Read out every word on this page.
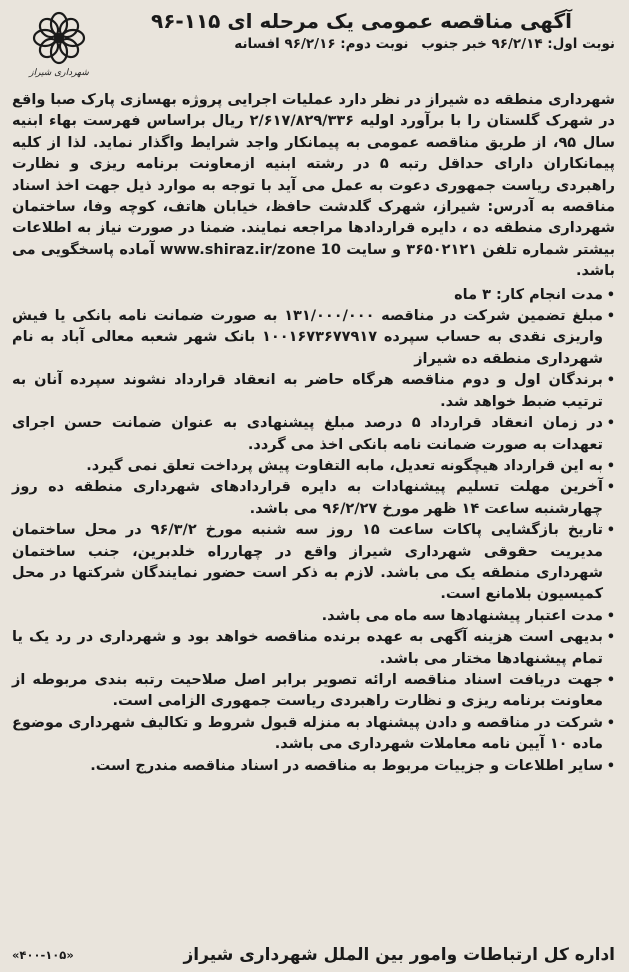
شهرداری شیراز
آگهی مناقصه عمومی یک مرحله ای ۱۱۵-۹۶
نوبت اول: ۹۶/۲/۱۴ خبر جنوب نوبت دوم: ۹۶/۲/۱۶ افسانه

شهرداری منطقه ده شیراز در نظر دارد عملیات اجرایی پروژه بهسازی پارک صبا واقع در شهرک گلستان را با برآورد اولیه ۲/۶۱۷/۸۲۹/۳۳۶ ریال براساس فهرست بهاء ابنیه سال ۹۵، از طریق مناقصه عمومی به پیمانکار واجد شرایط واگذار نماید. لذا از کلیه پیمانکاران دارای حداقل رتبه ۵ در رشته ابنیه ازمعاونت برنامه ریزی و نظارت راهبردی ریاست جمهوری دعوت به عمل می آید با توجه به موارد ذیل جهت اخذ اسناد مناقصه به آدرس: شیراز، شهرک گلدشت حافظ، خیابان هاتف، کوچه وفا، ساختمان شهرداری منطقه ده ، دایره قراردادها مراجعه نمایند. ضمنا در صورت نیاز به اطلاعات بیشتر شماره تلفن ۳۶۵۰۲۱۲۱ و سایت www.shiraz.ir/zone 10 آماده پاسخگویی می باشد.

• مدت انجام کار: ۳ ماه
• مبلغ تضمین شرکت در مناقصه ۱۳۱/۰۰۰/۰۰۰ به صورت ضمانت نامه بانکی یا فیش واریزی نقدی به حساب سپرده ۱۰۰۱۶۷۳۶۷۷۹۱۷ بانک شهر شعبه معالی آباد به نام شهرداری منطقه ده شیراز
• برندگان اول و دوم مناقصه هرگاه حاضر به انعقاد قرارداد نشوند سپرده آنان به ترتیب ضبط خواهد شد.
• در زمان انعقاد قرارداد ۵ درصد مبلغ پیشنهادی به عنوان ضمانت حسن اجرای تعهدات به صورت ضمانت نامه بانکی اخذ می گردد.
• به این قرارداد هیچگونه تعدیل، مابه التفاوت پیش پرداخت تعلق نمی گیرد.
• آخرین مهلت تسلیم پیشنهادات به دایره قراردادهای شهرداری منطقه ده روز چهارشنبه ساعت ۱۴ ظهر مورخ ۹۶/۲/۲۷ می باشد.
• تاریخ بازگشایی پاکات ساعت ۱۵ روز سه شنبه مورخ ۹۶/۳/۲ در محل ساختمان مدیریت حقوقی شهرداری شیراز واقع در چهارراه خلدبرین، جنب ساختمان شهرداری منطقه یک می باشد. لازم به ذکر است حضور نمایندگان شرکتها در محل کمیسیون بلامانع است.
• مدت اعتبار پیشنهادها سه ماه می باشد.
• بدیهی است هزینه آگهی به عهده برنده مناقصه خواهد بود و شهرداری در رد یک یا تمام پیشنهادها مختار می باشد.
• جهت دریافت اسناد مناقصه ارائه تصویر برابر اصل صلاحیت رتبه بندی مربوطه از معاونت برنامه ریزی و نظارت راهبردی ریاست جمهوری الزامی است.
• شرکت در مناقصه و دادن پیشنهاد به منزله قبول شروط و تکالیف شهرداری موضوع ماده ۱۰ آیین نامه معاملات شهرداری می باشد.
• سایر اطلاعات و جزییات مربوط به مناقصه در اسناد مناقصه مندرج است.
اداره کل ارتباطات وامور بین الملل شهرداری شیراز
«۴۰۰-۱۰۵»
